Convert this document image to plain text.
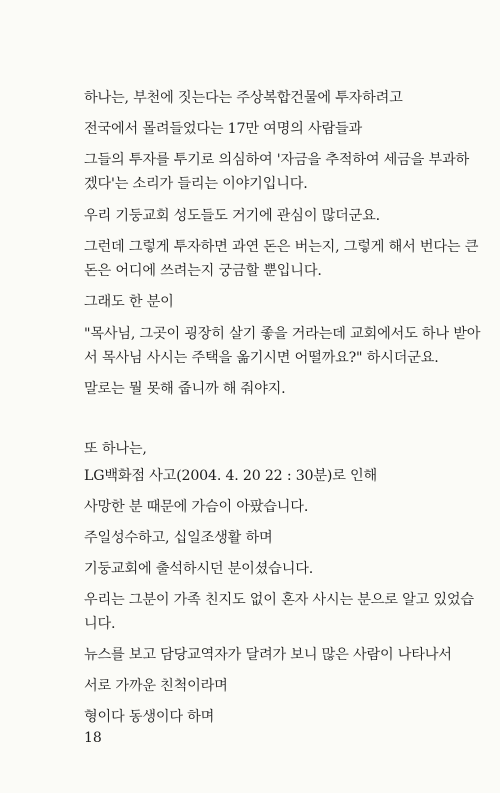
하나는, 부천에 짓는다는 주상복합건물에 투자하려고
전국에서 몰려들었다는 17만 여명의 사람들과
그들의 투자를 투기로 의심하여 '자금을 추적하여 세금을 부과하
겠다'는 소리가 들리는 이야기입니다.
우리 기둥교회 성도들도 거기에 관심이 많더군요.
그런데 그렇게 투자하면 과연 돈은 버는지, 그렇게 해서 번다는 큰
돈은 어디에 쓰려는지 궁금할 뿐입니다.
그래도 한 분이
"목사님, 그곳이 굉장히 살기 좋을 거라는데 교회에서도 하나 받아
서 목사님 사시는 주택을 옮기시면 어떨까요?" 하시더군요.
말로는 뭘 못해 줍니까 해 줘야지.
또 하나는,
LG백화점 사고(2004. 4. 20 22 : 30분)로 인해
사망한 분 때문에 가슴이 아팠습니다.
주일성수하고, 십일조생활 하며
기둥교회에 출석하시던 분이셨습니다.
우리는 그분이 가족 친지도 없이 혼자 사시는 분으로 알고 있었습
니다.
뉴스를 보고 담당교역자가 달려가 보니 많은 사람이 나타나서
서로 가까운 친척이라며
형이다 동생이다 하며
18
